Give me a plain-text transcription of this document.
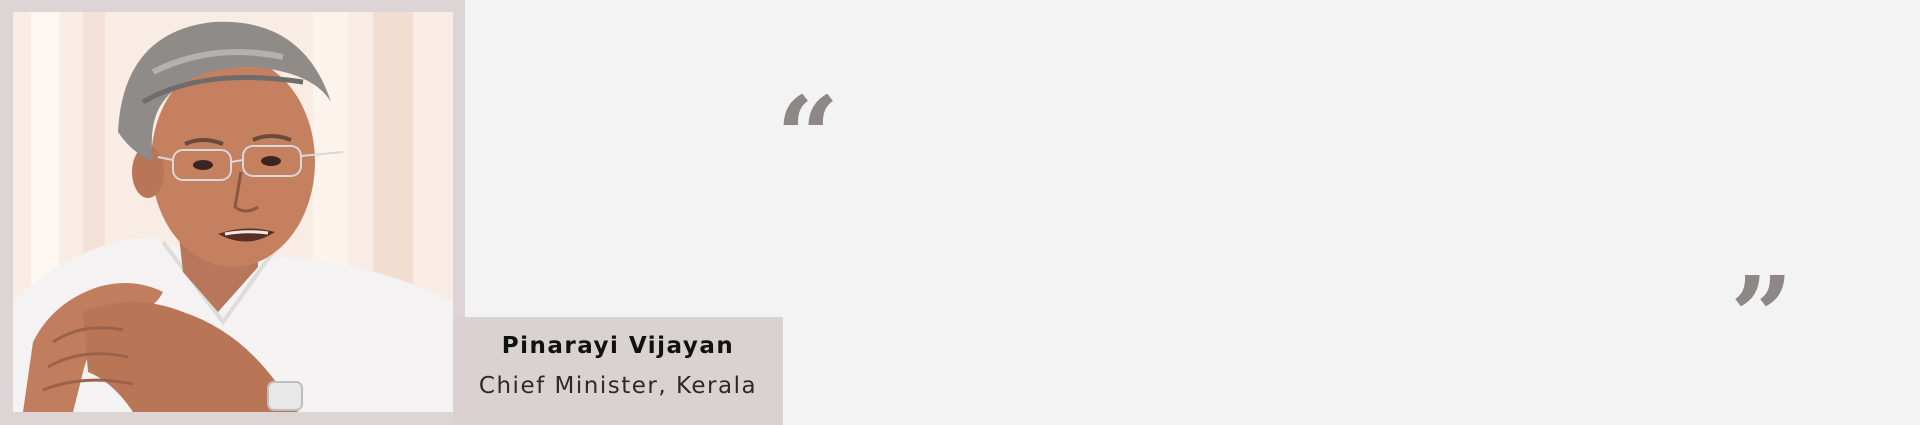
Pinarayi Vijayan
Chief Minister, Kerala
“
”
